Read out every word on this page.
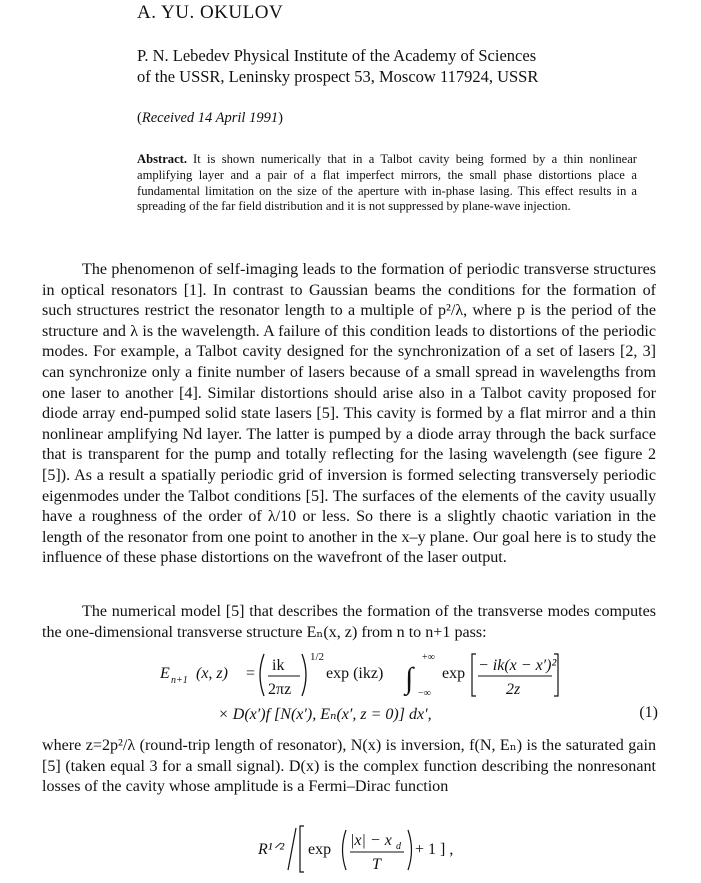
A. YU. OKULOV
P. N. Lebedev Physical Institute of the Academy of Sciences
of the USSR, Leninsky prospect 53, Moscow 117924, USSR
(Received 14 April 1991)
Abstract. It is shown numerically that in a Talbot cavity being formed by a thin nonlinear amplifying layer and a pair of a flat imperfect mirrors, the small phase distortions place a fundamental limitation on the size of the aperture with in-phase lasing. This effect results in a spreading of the far field distribution and it is not suppressed by plane-wave injection.
The phenomenon of self-imaging leads to the formation of periodic transverse structures in optical resonators [1]. In contrast to Gaussian beams the conditions for the formation of such structures restrict the resonator length to a multiple of p²/λ, where p is the period of the structure and λ is the wavelength. A failure of this condition leads to distortions of the periodic modes. For example, a Talbot cavity designed for the synchronization of a set of lasers [2, 3] can synchronize only a finite number of lasers because of a small spread in wavelengths from one laser to another [4]. Similar distortions should arise also in a Talbot cavity proposed for diode array end-pumped solid state lasers [5]. This cavity is formed by a flat mirror and a thin nonlinear amplifying Nd layer. The latter is pumped by a diode array through the back surface that is transparent for the pump and totally reflecting for the lasing wavelength (see figure 2 [5]). As a result a spatially periodic grid of inversion is formed selecting transversely periodic eigenmodes under the Talbot conditions [5]. The surfaces of the elements of the cavity usually have a roughness of the order of λ/10 or less. So there is a slightly chaotic variation in the length of the resonator from one point to another in the x–y plane. Our goal here is to study the influence of these phase distortions on the wavefront of the laser output.
The numerical model [5] that describes the formation of the transverse modes computes the one-dimensional transverse structure Eₙ(x, z) from n to n+1 pass:
E n+1 (x, z) = ik
2πz
1/2
exp (ikz) ∫
+∞
−∞
exp − ik(x − x′)²
2z
× D(x′)f [N(x′), Eₙ(x′, z = 0)] dx′,	(1)
where z=2p²/λ (round-trip length of resonator), N(x) is inversion, f(N, Eₙ) is the saturated gain [5] (taken equal 3 for a small signal). D(x) is the complex function describing the nonresonant losses of the cavity whose amplitude is a Fermi–Dirac function
R¹ᐟ² exp
|x| − x d
T
+ 1 ] ,
